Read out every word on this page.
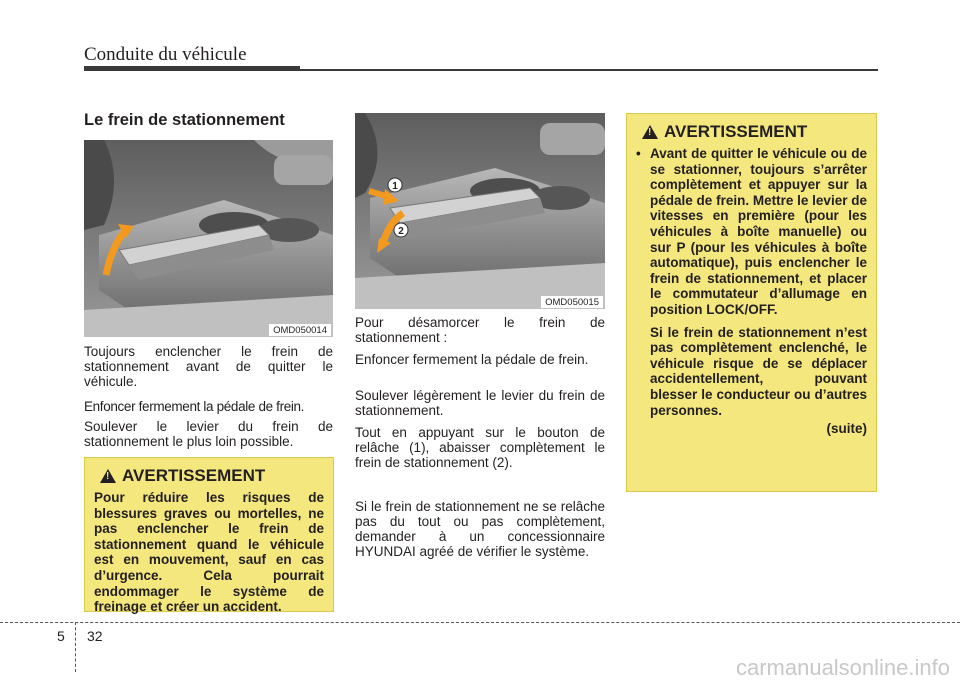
Conduite du véhicule
Le frein de stationnement
OMD050014
1
2
OMD050015

Toujours enclencher le frein de stationnement avant de quitter le véhicule.

Enfoncer fermement la pédale de frein.

Soulever le levier du frein de stationnement le plus loin possible.

! AVERTISSEMENT

Pour réduire les risques de blessures graves ou mortelles, ne pas enclencher le frein de stationnement quand le véhicule est en mouvement, sauf en cas d’urgence. Cela pourrait endommager le système de freinage et créer un accident.

Pour désamorcer le frein de stationnement :

Enfoncer fermement la pédale de frein.

Soulever légèrement le levier du frein de stationnement.

Tout en appuyant sur le bouton de relâche (1), abaisser complètement le frein de stationnement (2).

Si le frein de stationnement ne se relâche pas du tout ou pas complètement, demander à un concessionnaire HYUNDAI agréé de vérifier le système.

! AVERTISSEMENT
• Avant de quitter le véhicule ou de se stationner, toujours s’arrêter complètement et appuyer sur la pédale de frein. Mettre le levier de vitesses en première (pour les véhicules à boîte manuelle) ou sur P (pour les véhicules à boîte automatique), puis enclencher le frein de stationnement, et placer le commutateur d’allumage en position LOCK/OFF.

Si le frein de stationnement n’est pas complètement enclenché, le véhicule risque de se déplacer accidentellement, pouvant blesser le conducteur ou d’autres personnes.

(suite)

5 32
carmanualsonline.info
